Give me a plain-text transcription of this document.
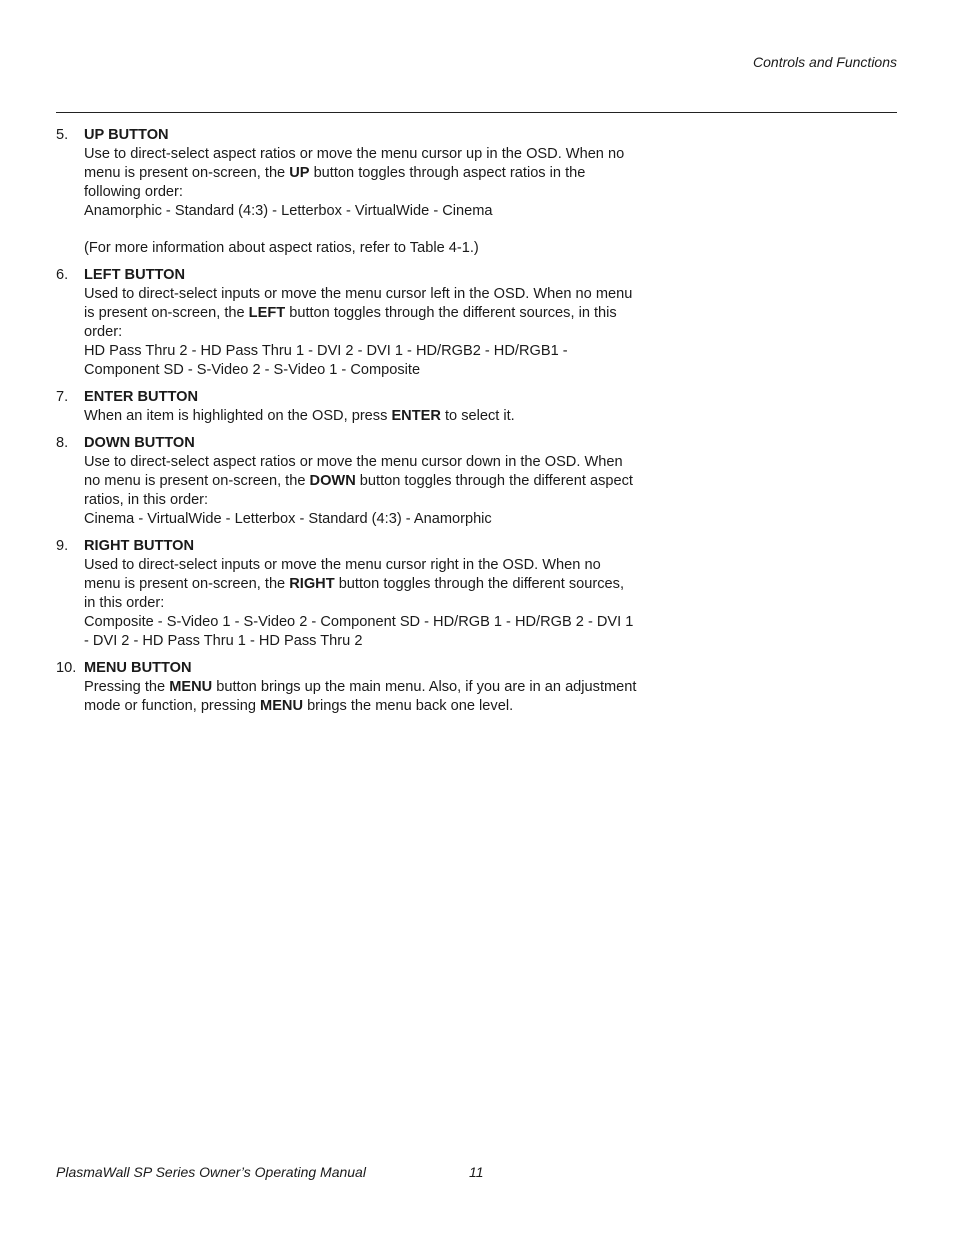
Controls and Functions
5. UP BUTTON
Use to direct-select aspect ratios or move the menu cursor up in the OSD. When no
menu is present on-screen, the UP button toggles through aspect ratios in the
following order:
Anamorphic - Standard (4:3) - Letterbox - VirtualWide - Cinema
(For more information about aspect ratios, refer to Table 4-1.)
6. LEFT BUTTON
Used to direct-select inputs or move the menu cursor left in the OSD. When no menu
is present on-screen, the LEFT button toggles through the different sources, in this
order:
HD Pass Thru 2 - HD Pass Thru 1 - DVI 2 - DVI 1 - HD/RGB2 - HD/RGB1 -
Component SD - S-Video 2 - S-Video 1 - Composite
7. ENTER BUTTON
When an item is highlighted on the OSD, press ENTER to select it.
8. DOWN BUTTON
Use to direct-select aspect ratios or move the menu cursor down in the OSD. When
no menu is present on-screen, the DOWN button toggles through the different aspect
ratios, in this order:
Cinema - VirtualWide - Letterbox - Standard (4:3) - Anamorphic
9. RIGHT BUTTON
Used to direct-select inputs or move the menu cursor right in the OSD. When no
menu is present on-screen, the RIGHT button toggles through the different sources,
in this order:
Composite - S-Video 1 - S-Video 2 - Component SD - HD/RGB 1 - HD/RGB 2 - DVI 1
- DVI 2 - HD Pass Thru 1 - HD Pass Thru 2
10. MENU BUTTON
Pressing the MENU button brings up the main menu. Also, if you are in an adjustment
mode or function, pressing MENU brings the menu back one level.
PlasmaWall SP Series Owner’s Operating Manual	11
